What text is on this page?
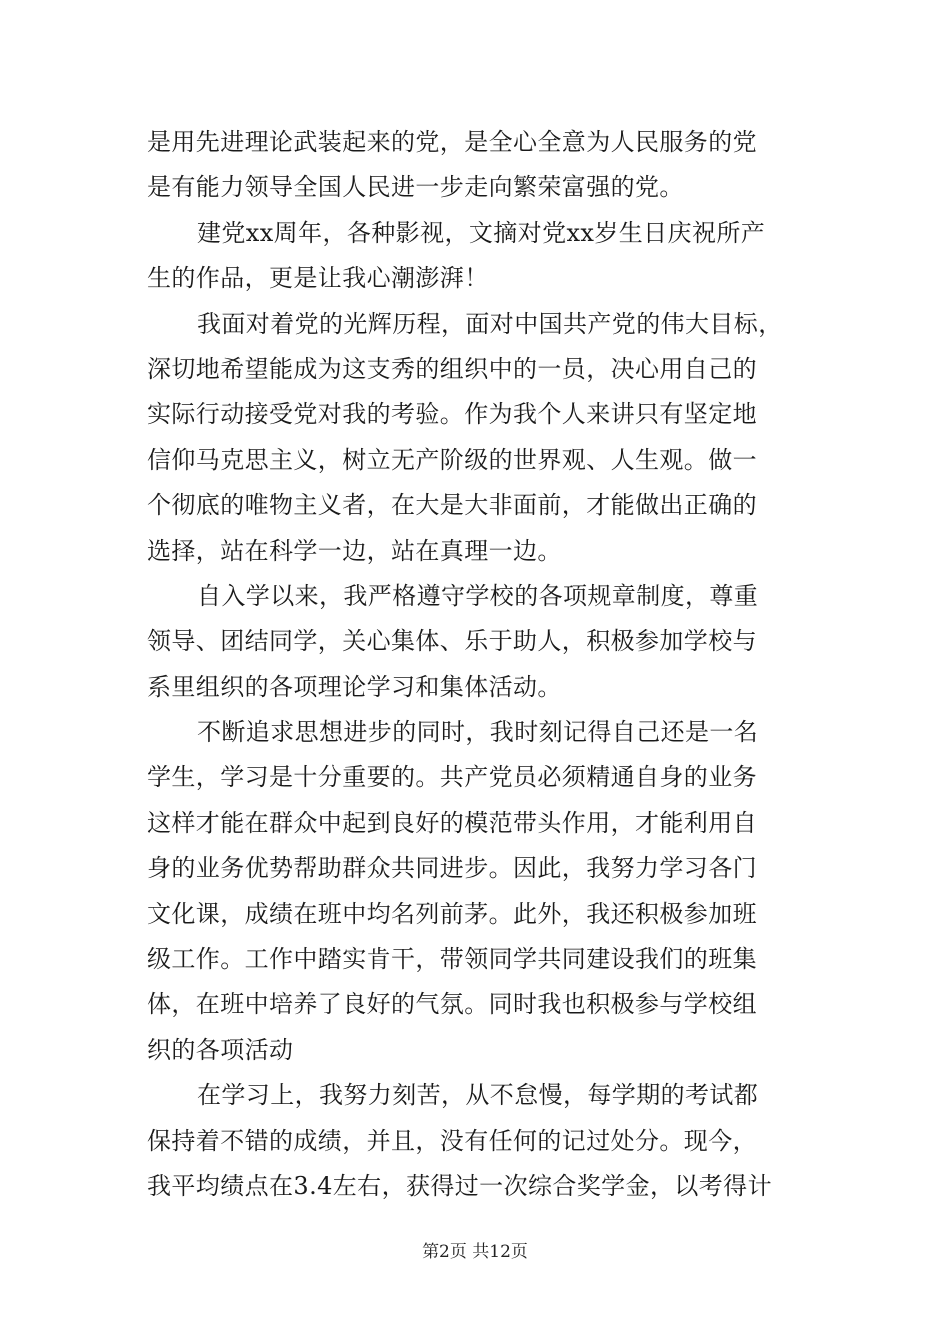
是用先进理论武装起来的党，是全心全意为人民服务的党
是有能力领导全国人民进一步走向繁荣富强的党。
建党xx周年，各种影视，文摘对党xx岁生日庆祝所产
生的作品，更是让我心潮澎湃！
我面对着党的光辉历程，面对中国共产党的伟大目标，
深切地希望能成为这支秀的组织中的一员，决心用自己的
实际行动接受党对我的考验。作为我个人来讲只有坚定地
信仰马克思主义，树立无产阶级的世界观、人生观。做一
个彻底的唯物主义者，在大是大非面前，才能做出正确的
选择，站在科学一边，站在真理一边。
自入学以来，我严格遵守学校的各项规章制度，尊重
领导、团结同学，关心集体、乐于助人，积极参加学校与
系里组织的各项理论学习和集体活动。
不断追求思想进步的同时，我时刻记得自己还是一名
学生，学习是十分重要的。共产党员必须精通自身的业务
这样才能在群众中起到良好的模范带头作用，才能利用自
身的业务优势帮助群众共同进步。因此，我努力学习各门
文化课，成绩在班中均名列前茅。此外，我还积极参加班
级工作。工作中踏实肯干，带领同学共同建设我们的班集
体，在班中培养了良好的气氛。同时我也积极参与学校组
织的各项活动
在学习上，我努力刻苦，从不怠慢，每学期的考试都
保持着不错的成绩，并且，没有任何的记过处分。现今，
我平均绩点在3.4左右，获得过一次综合奖学金，以考得计
第2页 共12页
